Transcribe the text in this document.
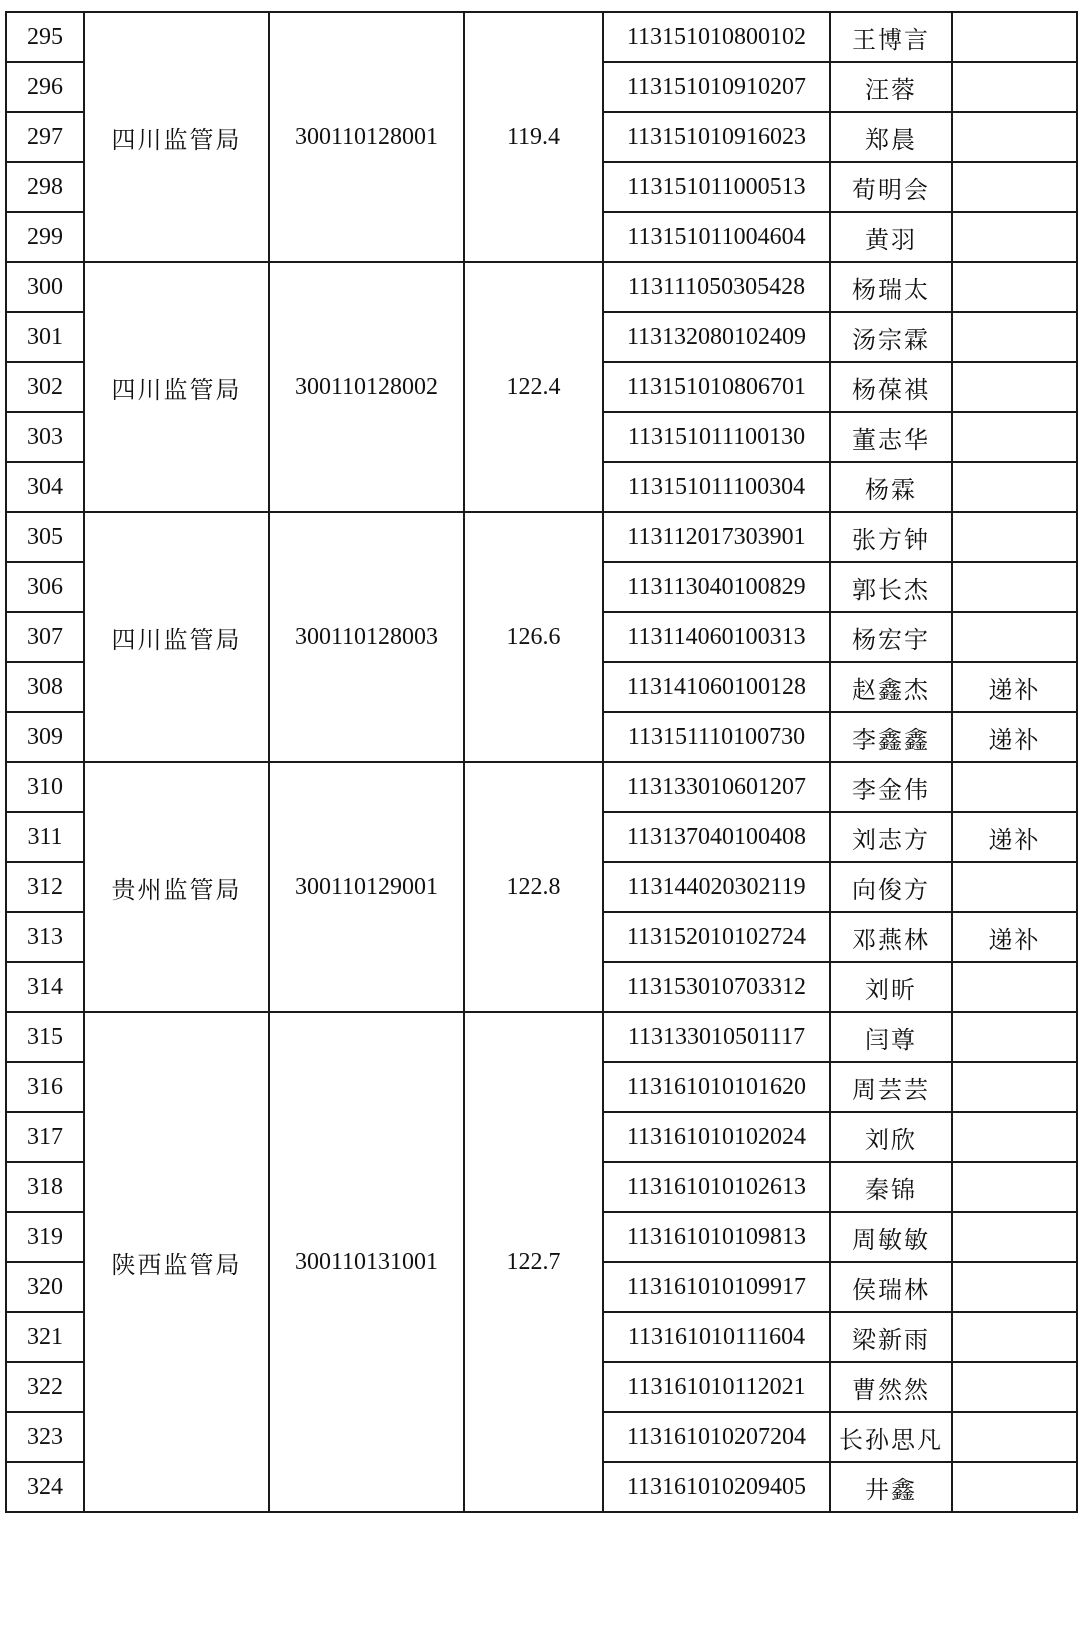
295	四川监管局	300110128001	119.4	113151010800102	王博言	
296				113151010910207	汪蓉	
297				113151010916023	郑晨	
298				113151011000513	荀明会	
299				113151011004604	黄羽	
300	四川监管局	300110128002	122.4	113111050305428	杨瑞太	
301				113132080102409	汤宗霖	
302				113151010806701	杨葆祺	
303				113151011100130	董志华	
304				113151011100304	杨霖	
305	四川监管局	300110128003	126.6	113112017303901	张方钟	
306				113113040100829	郭长杰	
307				113114060100313	杨宏宇	
308				113141060100128	赵鑫杰	递补
309				113151110100730	李鑫鑫	递补
310	贵州监管局	300110129001	122.8	113133010601207	李金伟	
311				113137040100408	刘志方	递补
312				113144020302119	向俊方	
313				113152010102724	邓燕林	递补
314				113153010703312	刘昕	
315	陕西监管局	300110131001	122.7	113133010501117	闫尊	
316				113161010101620	周芸芸	
317				113161010102024	刘欣	
318				113161010102613	秦锦	
319				113161010109813	周敏敏	
320				113161010109917	侯瑞林	
321				113161010111604	梁新雨	
322				113161010112021	曹然然	
323				113161010207204	长孙思凡	
324				113161010209405	井鑫	
